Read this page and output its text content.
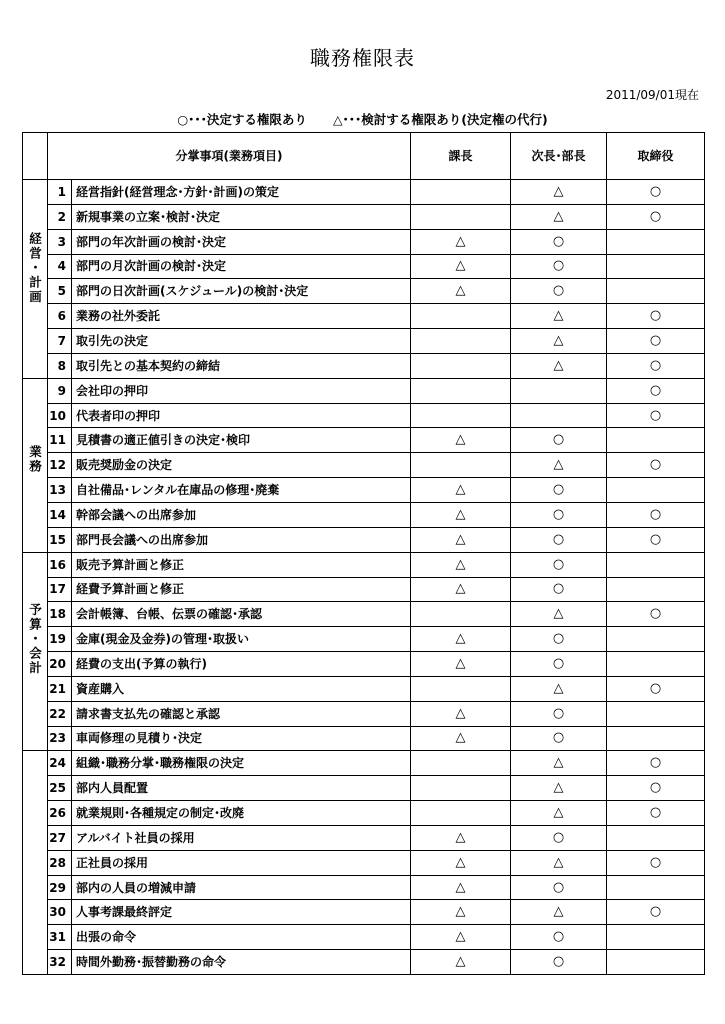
職務権限表
2011/09/01現在
○･･･決定する権限あり △･･･検討する権限あり(決定権の代行)
	分掌事項(業務項目)		課長	次長･部長	取締役

経営・計画	1	経営指針(経営理念･方針･計画)の策定		△	○
	2	新規事業の立案･検討･決定		△	○
	3	部門の年次計画の検討･決定	△	○	
	4	部門の月次計画の検討･決定	△	○	
	5	部門の日次計画(スケジュール)の検討･決定	△	○	
	6	業務の社外委託		△	○
	7	取引先の決定		△	○
	8	取引先との基本契約の締結		△	○

業務	9	会社印の押印			○
	10	代表者印の押印			○
	11	見積書の適正値引きの決定･検印	△	○	
	12	販売奨励金の決定		△	○
	13	自社備品･レンタル在庫品の修理･廃棄	△	○	
	14	幹部会議への出席参加	△	○	○
	15	部門長会議への出席参加	△	○	○

予算・会計	16	販売予算計画と修正	△	○	
	17	経費予算計画と修正	△	○	
	18	会計帳簿、台帳、伝票の確認･承認		△	○
	19	金庫(現金及金券)の管理･取扱い	△	○	
	20	経費の支出(予算の執行)	△	○	
	21	資産購入		△	○
	22	請求書支払先の確認と承認	△	○	
	23	車両修理の見積り･決定	△	○	

	24	組織･職務分掌･職務権限の決定		△	○
	25	部内人員配置		△	○
	26	就業規則･各種規定の制定･改廃		△	○
	27	アルバイト社員の採用	△	○	
	28	正社員の採用	△	△	○
	29	部内の人員の増減申請	△	○	
	30	人事考課最終評定	△	△	○
	31	出張の命令	△	○	
	32	時間外勤務･振替勤務の命令	△	○	
